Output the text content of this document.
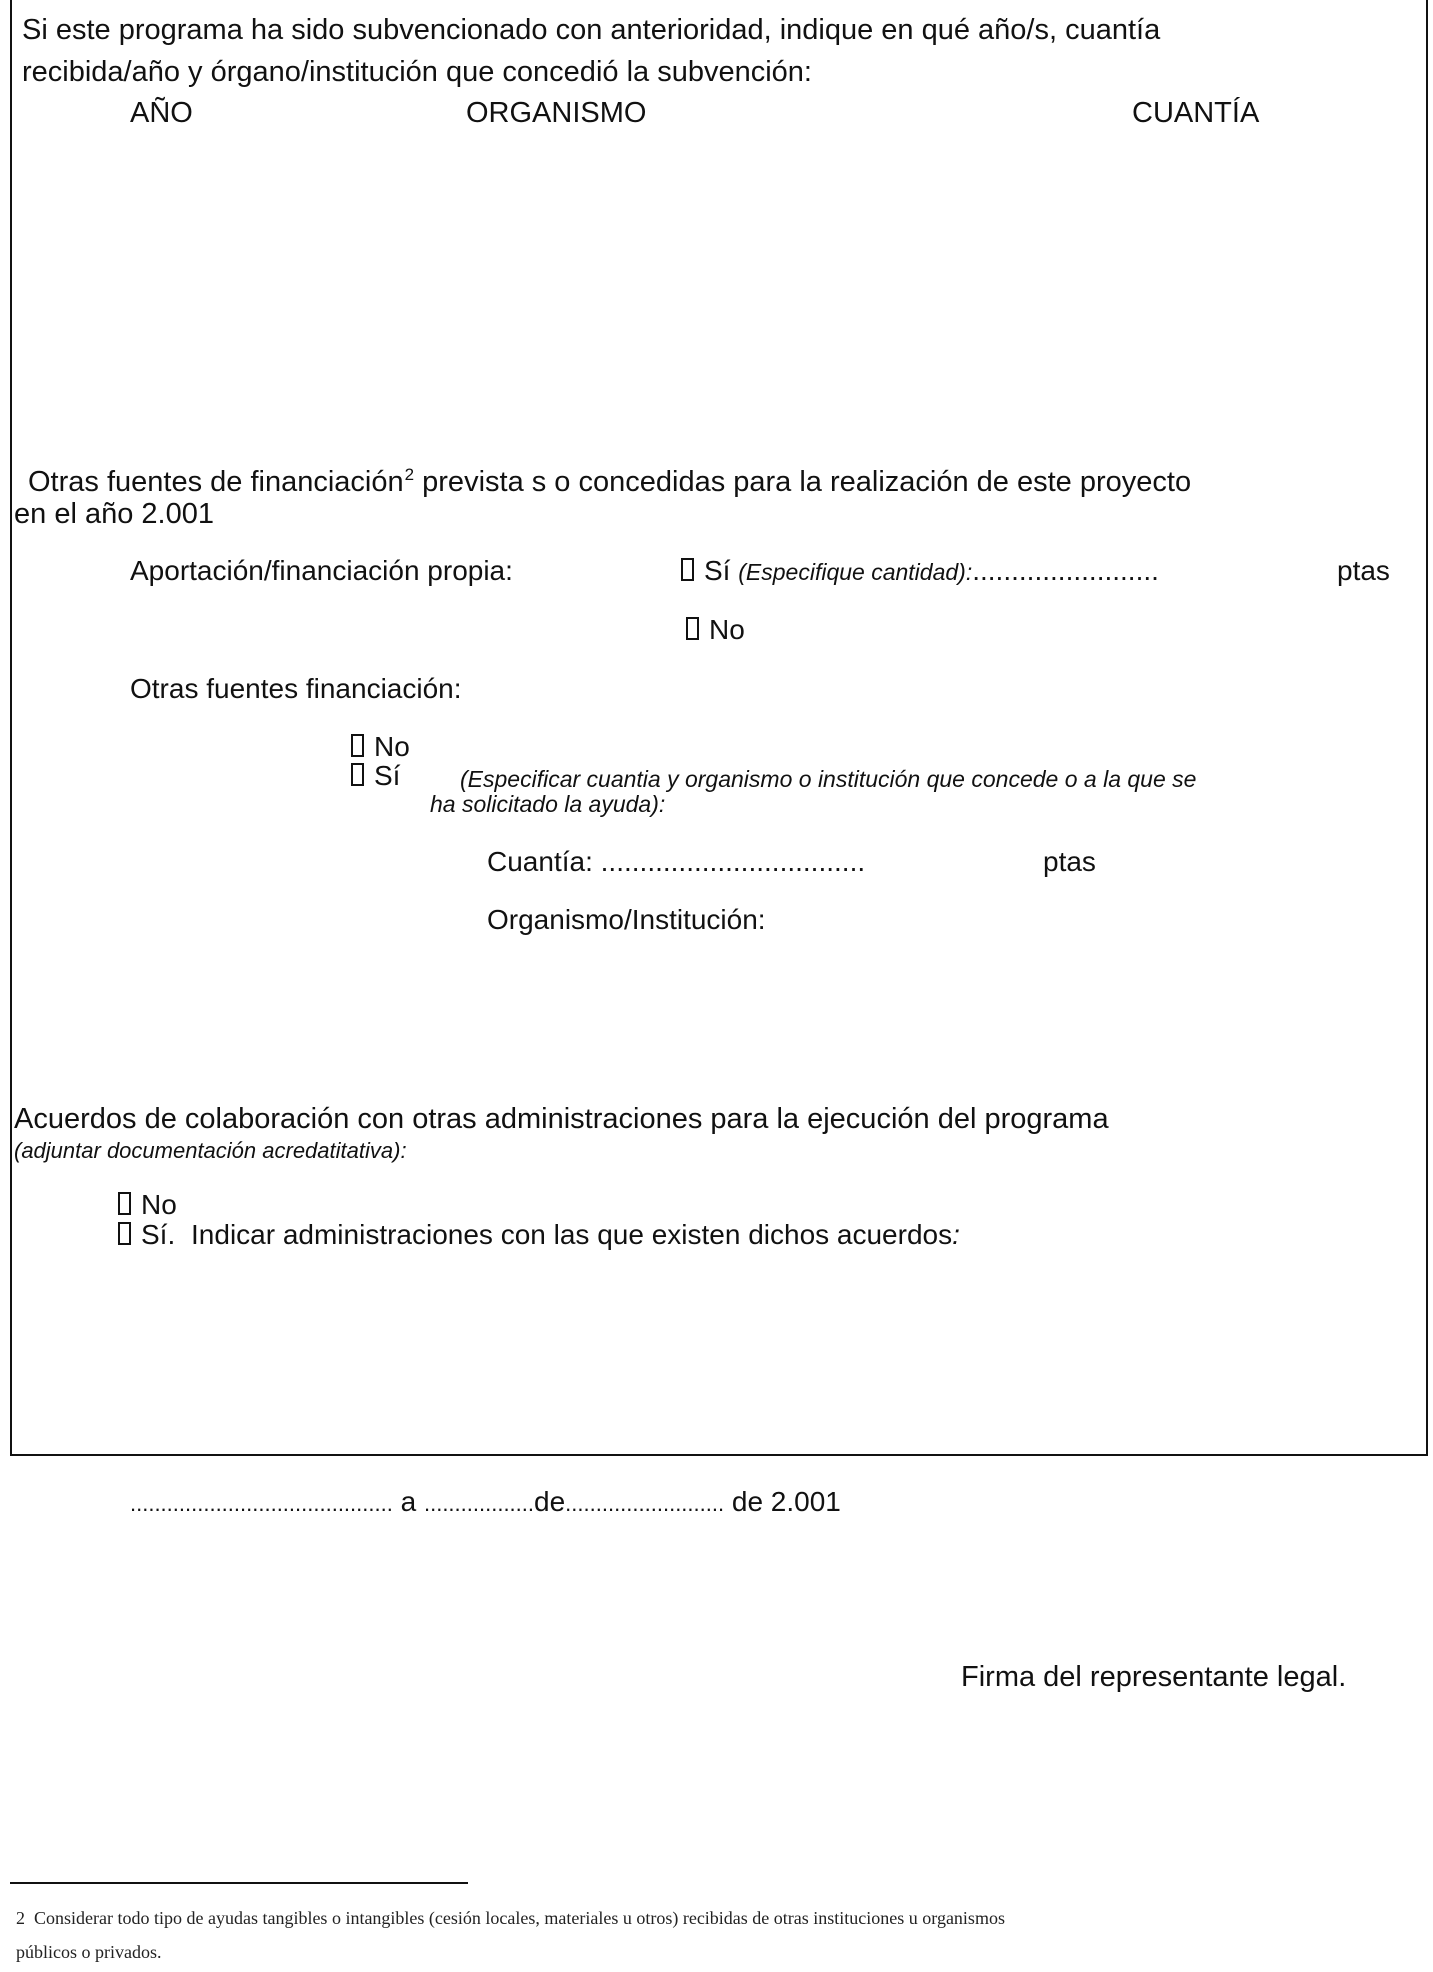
Si este programa ha sido subvencionado con anterioridad, indique en qué año/s, cuantía
recibida/año y órgano/institución que concedió la subvención:
AÑO	ORGANISMO	CUANTÍA
Otras fuentes de financiación$^2$ prevista s o concedidas para la realización de este proyecto
en el año 2.001
Aportación/financiación propia:	Sí (Especifique cantidad):........................	ptas
No
Otras fuentes financiación:
No
Sí	(Especificar cuantia y organismo o institución que concede o a la que se
ha solicitado la ayuda):
Cuantía: ..................................	ptas
Organismo/Institución:
Acuerdos de colaboración con otras administraciones para la ejecución del programa
(adjuntar documentación acredatitativa):
No
Sí. Indicar administraciones con las que existen dichos acuerdos:
........................................... a ..................de.......................... de 2.001
Firma del representante legal.
2 Considerar todo tipo de ayudas tangibles o intangibles (cesión locales, materiales u otros) recibidas de otras instituciones u organismos
públicos o privados.
